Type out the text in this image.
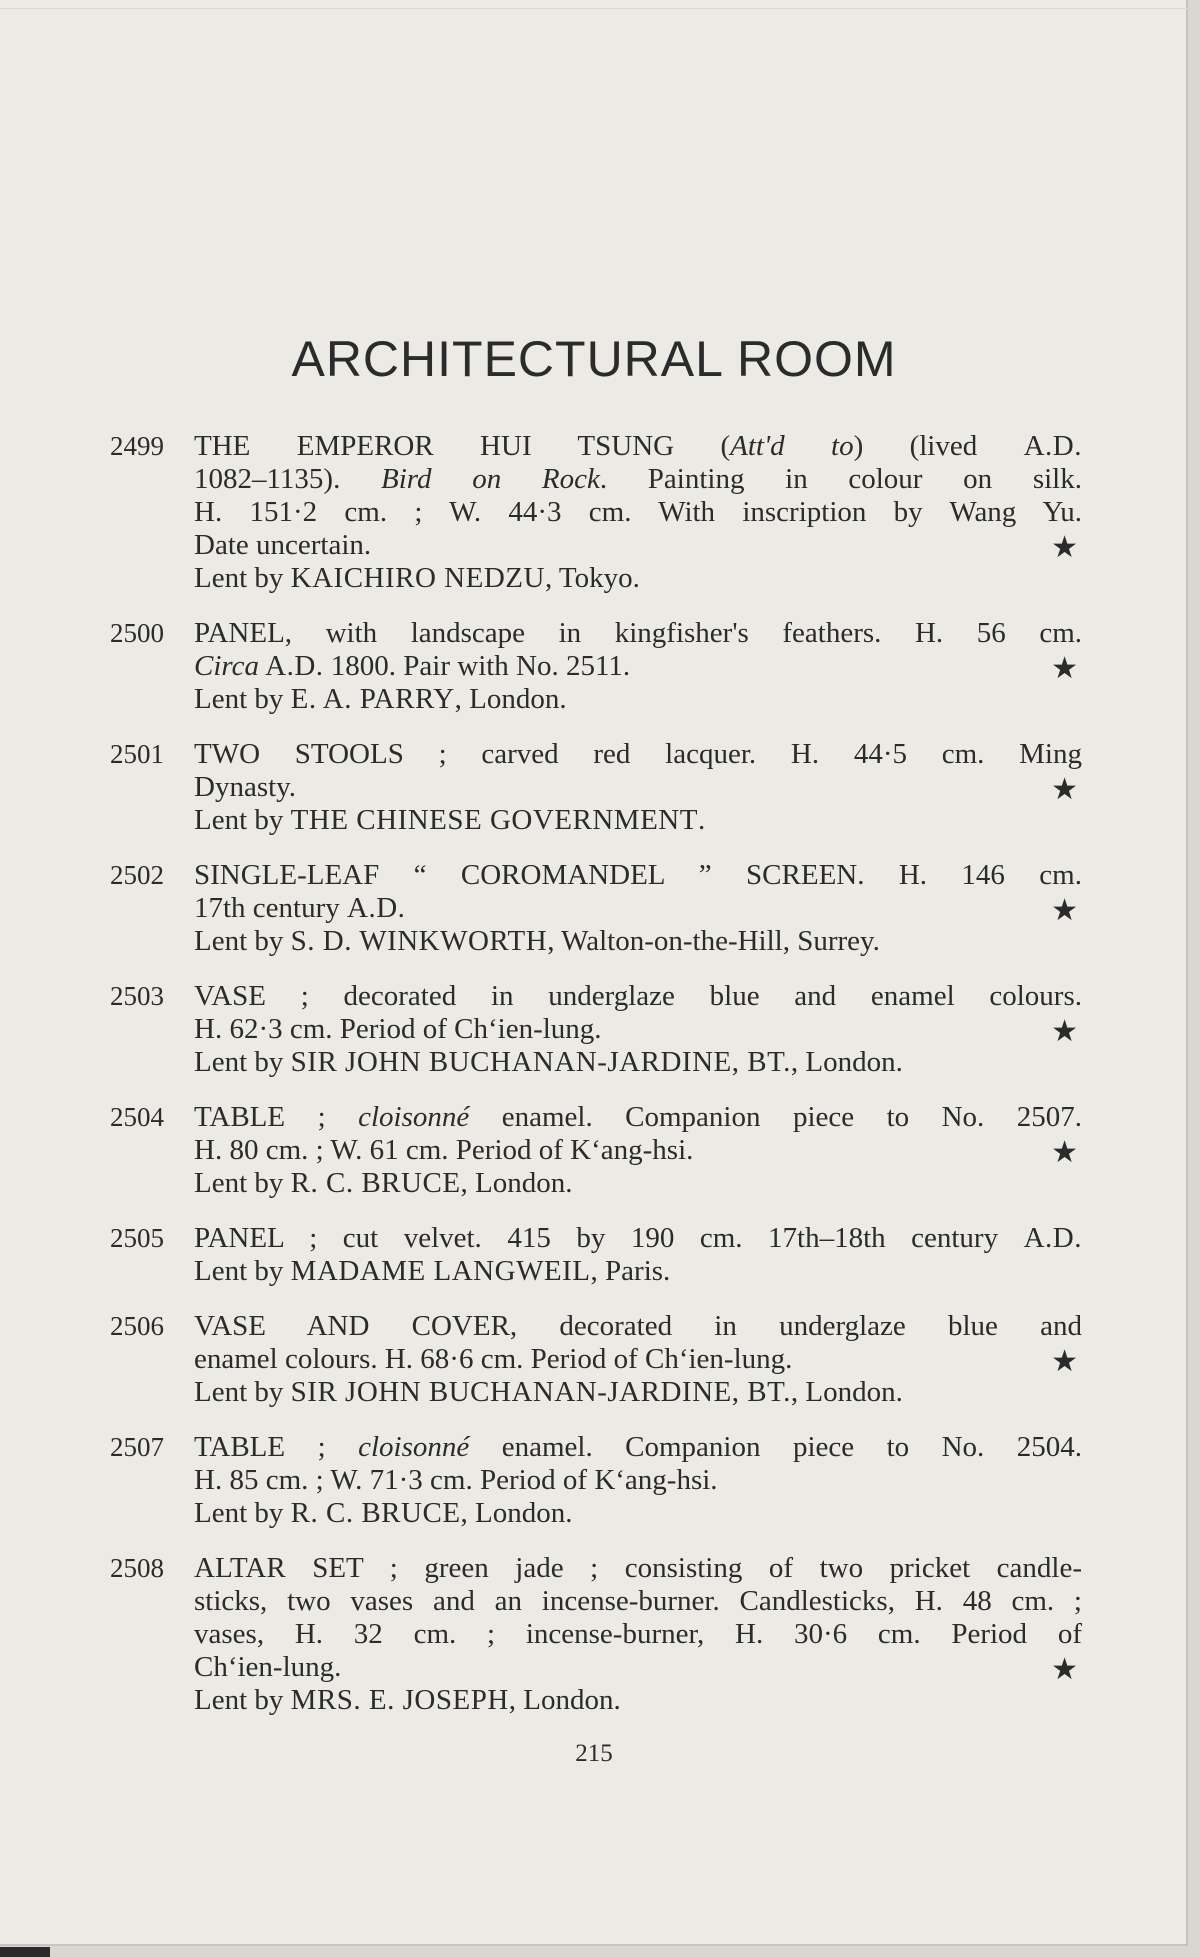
ARCHITECTURAL ROOM
2499 THE EMPEROR HUI TSUNG (Att'd to) (lived A.D.
1082–1135). Bird on Rock. Painting in colour on silk.
H. 151·2 cm. ; W. 44·3 cm. With inscription by Wang Yu.
Date uncertain.	★
Lent by KAICHIRO NEDZU, Tokyo.
2500 PANEL, with landscape in kingfisher's feathers. H. 56 cm.
Circa A.D. 1800. Pair with No. 2511.	★
Lent by E. A. PARRY, London.
2501 TWO STOOLS ; carved red lacquer. H. 44·5 cm. Ming
Dynasty.	★
Lent by THE CHINESE GOVERNMENT.
2502 SINGLE-LEAF “ COROMANDEL ” SCREEN. H. 146 cm.
17th century A.D.	★
Lent by S. D. WINKWORTH, Walton-on-the-Hill, Surrey.
2503 VASE ; decorated in underglaze blue and enamel colours.
H. 62·3 cm. Period of Ch‘ien-lung.	★
Lent by SIR JOHN BUCHANAN-JARDINE, BT., London.
2504 TABLE ; cloisonné enamel. Companion piece to No. 2507.
H. 80 cm. ; W. 61 cm. Period of K‘ang-hsi.	★
Lent by R. C. BRUCE, London.
2505 PANEL ; cut velvet. 415 by 190 cm. 17th–18th century A.D.
Lent by MADAME LANGWEIL, Paris.
2506 VASE AND COVER, decorated in underglaze blue and
enamel colours. H. 68·6 cm. Period of Ch‘ien-lung.	★
Lent by SIR JOHN BUCHANAN-JARDINE, BT., London.
2507 TABLE ; cloisonné enamel. Companion piece to No. 2504.
H. 85 cm. ; W. 71·3 cm. Period of K‘ang-hsi.
Lent by R. C. BRUCE, London.
2508 ALTAR SET ; green jade ; consisting of two pricket candle-
sticks, two vases and an incense-burner. Candlesticks, H. 48 cm. ;
vases, H. 32 cm. ; incense-burner, H. 30·6 cm. Period of
Ch‘ien-lung.	★
Lent by MRS. E. JOSEPH, London.
215
